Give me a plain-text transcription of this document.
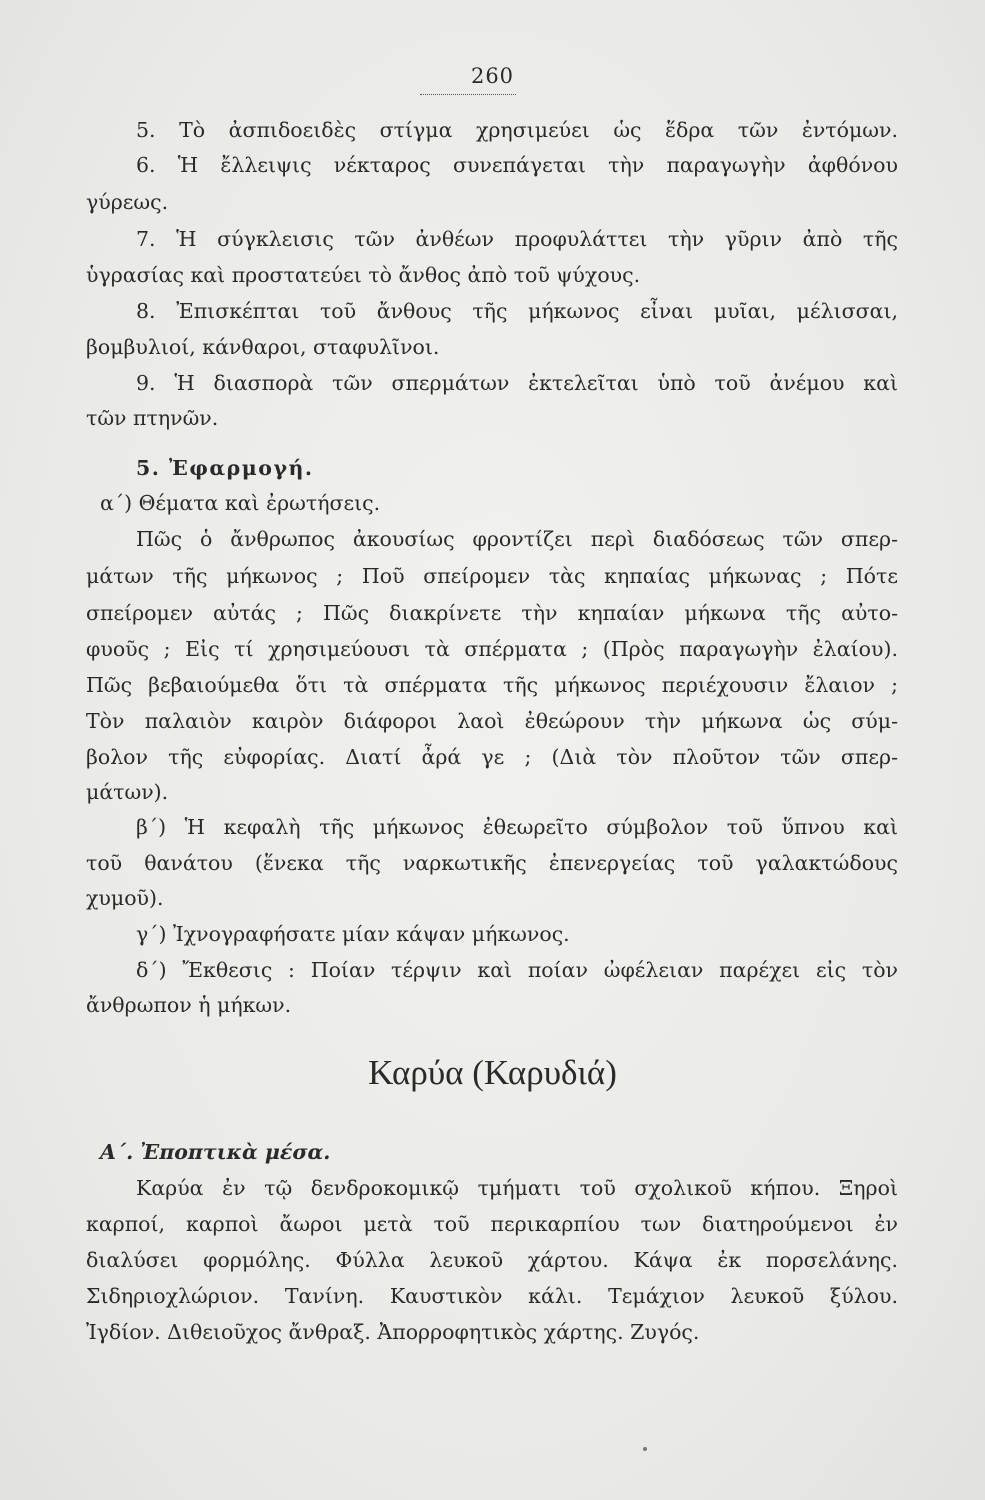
260
5. Τὸ ἀσπιδοειδὲς στίγμα χρησιμεύει ὡς ἕδρα τῶν ἐντόμων.
6. Ἡ ἔλλειψις νέκταρος συνεπάγεται τὴν παραγωγὴν ἀφθόνου
γύρεως.
7. Ἡ σύγκλεισις τῶν ἀνθέων προφυλάττει τὴν γῦριν ἀπὸ τῆς
ὑγρασίας καὶ προστατεύει τὸ ἄνθος ἀπὸ τοῦ ψύχους.
8. Ἐπισκέπται τοῦ ἄνθους τῆς μήκωνος εἶναι μυῖαι, μέλισσαι,
βομβυλιοί, κάνθαροι, σταφυλῖνοι.
9. Ἡ διασπορὰ τῶν σπερμάτων ἐκτελεῖται ὑπὸ τοῦ ἀνέμου καὶ
τῶν πτηνῶν.
5. Ἐφαρμογή.
α´) Θέματα καὶ ἐρωτήσεις.
Πῶς ὁ ἄνθρωπος ἀκουσίως φροντίζει περὶ διαδόσεως τῶν σπερ-
μάτων τῆς μήκωνος ; Ποῦ σπείρομεν τὰς κηπαίας μήκωνας ; Πότε
σπείρομεν αὐτάς ; Πῶς διακρίνετε τὴν κηπαίαν μήκωνα τῆς αὐτο-
φυοῦς ; Εἰς τί χρησιμεύουσι τὰ σπέρματα ; (Πρὸς παραγωγὴν ἐλαίου).
Πῶς βεβαιούμεθα ὅτι τὰ σπέρματα τῆς μήκωνος περιέχουσιν ἔλαιον ;
Τὸν παλαιὸν καιρὸν διάφοροι λαοὶ ἐθεώρουν τὴν μήκωνα ὡς σύμ-
βολον τῆς εὐφορίας. Διατί ἆρά γε ; (Διὰ τὸν πλοῦτον τῶν σπερ-
μάτων).
β´) Ἡ κεφαλὴ τῆς μήκωνος ἐθεωρεῖτο σύμβολον τοῦ ὕπνου καὶ
τοῦ θανάτου (ἕνεκα τῆς ναρκωτικῆς ἐπενεργείας τοῦ γαλακτώδους
χυμοῦ).
γ´) Ἰχνογραφήσατε μίαν κάψαν μήκωνος.
δ´) Ἔκθεσις : Ποίαν τέρψιν καὶ ποίαν ὠφέλειαν παρέχει εἰς τὸν
ἄνθρωπον ἡ μήκων.
Καρύα (Καρυδιά)
Α´. Ἐποπτικὰ μέσα.
Καρύα ἐν τῷ δενδροκομικῷ τμήματι τοῦ σχολικοῦ κήπου. Ξηροὶ
καρποί, καρποὶ ἄωροι μετὰ τοῦ περικαρπίου των διατηρούμενοι ἐν
διαλύσει φορμόλης. Φύλλα λευκοῦ χάρτου. Κάψα ἐκ πορσελάνης.
Σιδηριοχλώριον. Τανίνη. Καυστικὸν κάλι. Τεμάχιον λευκοῦ ξύλου.
Ἰγδίον. Διθειοῦχος ἄνθραξ. Ἀπορροφητικὸς χάρτης. Ζυγός.
